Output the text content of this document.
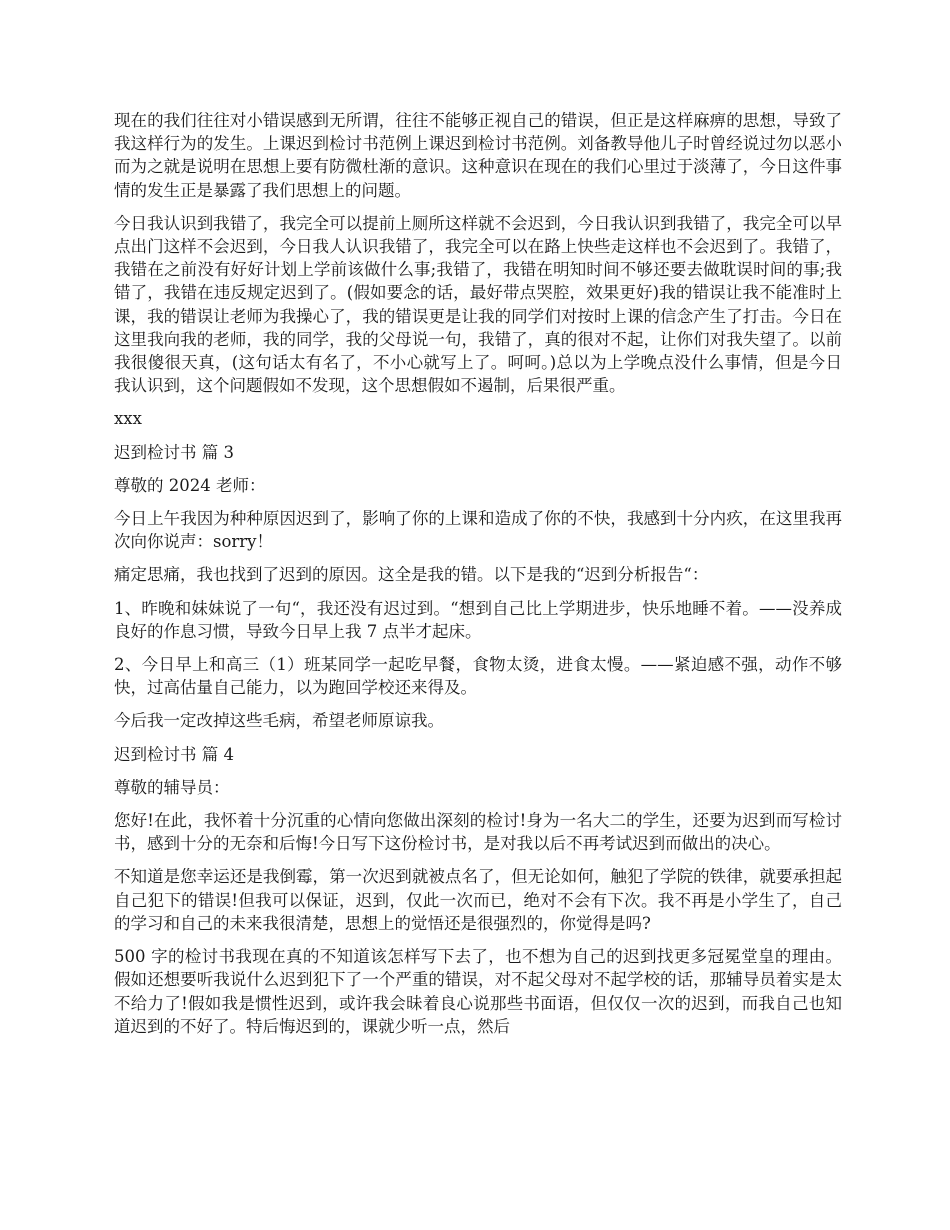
现在的我们往往对小错误感到无所谓，往往不能够正视自己的错误，但正是这样麻痹的思想，导致了我这样行为的发生。上课迟到检讨书范例上课迟到检讨书范例。刘备教导他儿子时曾经说过勿以恶小而为之就是说明在思想上要有防微杜渐的意识。这种意识在现在的我们心里过于淡薄了，今日这件事情的发生正是暴露了我们思想上的问题。

今日我认识到我错了，我完全可以提前上厕所这样就不会迟到，今日我认识到我错了，我完全可以早点出门这样不会迟到，今日我人认识我错了，我完全可以在路上快些走这样也不会迟到了。我错了，我错在之前没有好好计划上学前该做什么事;我错了，我错在明知时间不够还要去做耽误时间的事;我错了，我错在违反规定迟到了。(假如要念的话，最好带点哭腔，效果更好)我的错误让我不能准时上课，我的错误让老师为我操心了，我的错误更是让我的同学们对按时上课的信念产生了打击。今日在这里我向我的老师，我的同学，我的父母说一句，我错了，真的很对不起，让你们对我失望了。以前我很傻很天真，(这句话太有名了，不小心就写上了。呵呵。)总以为上学晚点没什么事情，但是今日我认识到，这个问题假如不发现，这个思想假如不遏制，后果很严重。

xxx

迟到检讨书 篇 3

尊敬的 2024 老师：

今日上午我因为种种原因迟到了，影响了你的上课和造成了你的不快，我感到十分内疚，在这里我再次向你说声：sorry！

痛定思痛，我也找到了迟到的原因。这全是我的错。以下是我的“迟到分析报告“：

1、昨晚和妹妹说了一句“，我还没有迟过到。“想到自己比上学期进步，快乐地睡不着。——没养成良好的作息习惯，导致今日早上我 7 点半才起床。

2、今日早上和高三（1）班某同学一起吃早餐，食物太烫，进食太慢。——紧迫感不强，动作不够快，过高估量自己能力，以为跑回学校还来得及。

今后我一定改掉这些毛病，希望老师原谅我。

迟到检讨书 篇 4

尊敬的辅导员：

您好!在此，我怀着十分沉重的心情向您做出深刻的检讨!身为一名大二的学生，还要为迟到而写检讨书，感到十分的无奈和后悔!今日写下这份检讨书，是对我以后不再考试迟到而做出的决心。

不知道是您幸运还是我倒霉，第一次迟到就被点名了，但无论如何，触犯了学院的铁律，就要承担起自己犯下的错误!但我可以保证，迟到，仅此一次而已，绝对不会有下次。我不再是小学生了，自己的学习和自己的未来我很清楚，思想上的觉悟还是很强烈的，你觉得是吗?

500 字的检讨书我现在真的不知道该怎样写下去了，也不想为自己的迟到找更多冠冕堂皇的理由。假如还想要听我说什么迟到犯下了一个严重的错误，对不起父母对不起学校的话，那辅导员着实是太不给力了!假如我是惯性迟到，或许我会昧着良心说那些书面语，但仅仅一次的迟到，而我自己也知道迟到的不好了。特后悔迟到的，课就少听一点，然后
